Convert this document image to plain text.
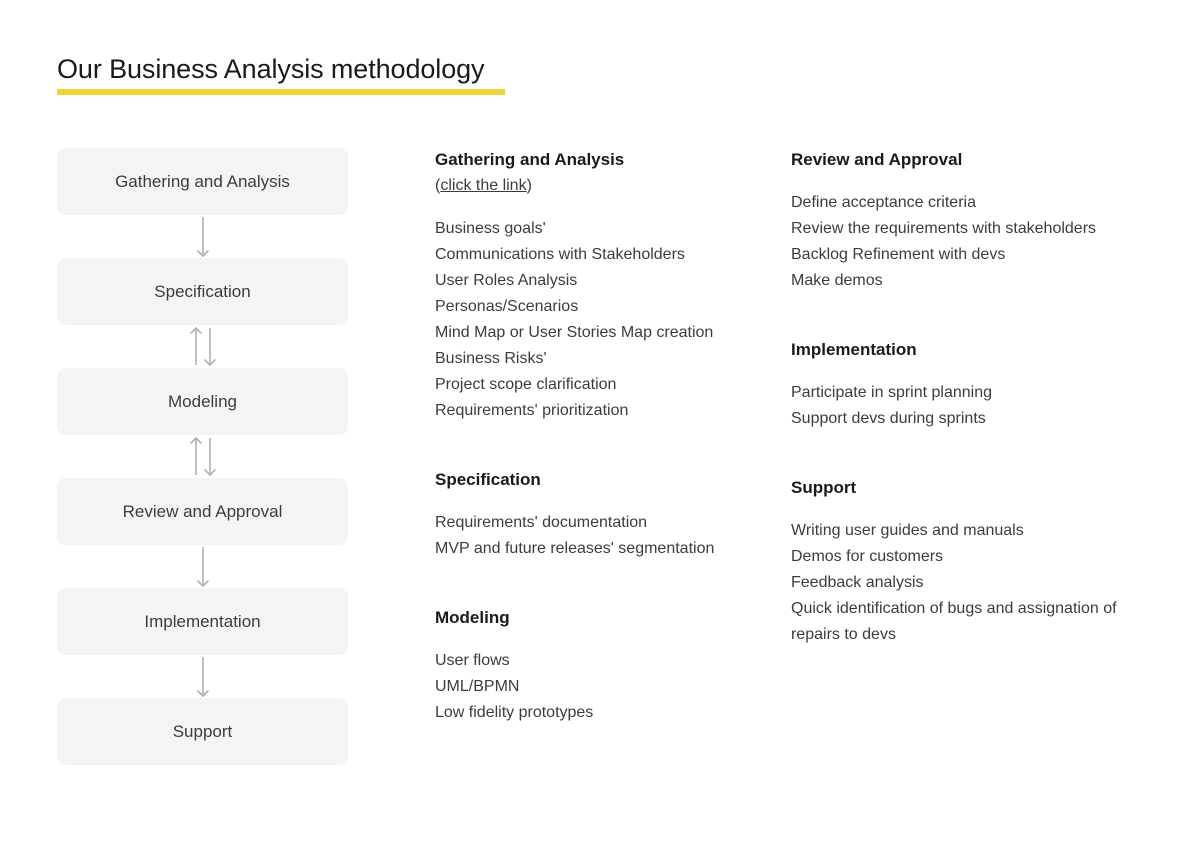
Our Business Analysis methodology
Gathering and Analysis
Specification
Modeling
Review and Approval
Implementation
Support
Gathering and Analysis
(click the link)
Business goals'
Communications with Stakeholders
User Roles Analysis
Personas/Scenarios
Mind Map or User Stories Map creation
Business Risks'
Project scope clarification
Requirements' prioritization
Specification
Requirements' documentation
MVP and future releases' segmentation
Modeling
User flows
UML/BPMN
Low fidelity prototypes
Review and Approval
Define acceptance criteria
Review the requirements with stakeholders
Backlog Refinement with devs
Make demos
Implementation
Participate in sprint planning
Support devs during sprints
Support
Writing user guides and manuals
Demos for customers
Feedback analysis
Quick identification of bugs and assignation of repairs to devs
